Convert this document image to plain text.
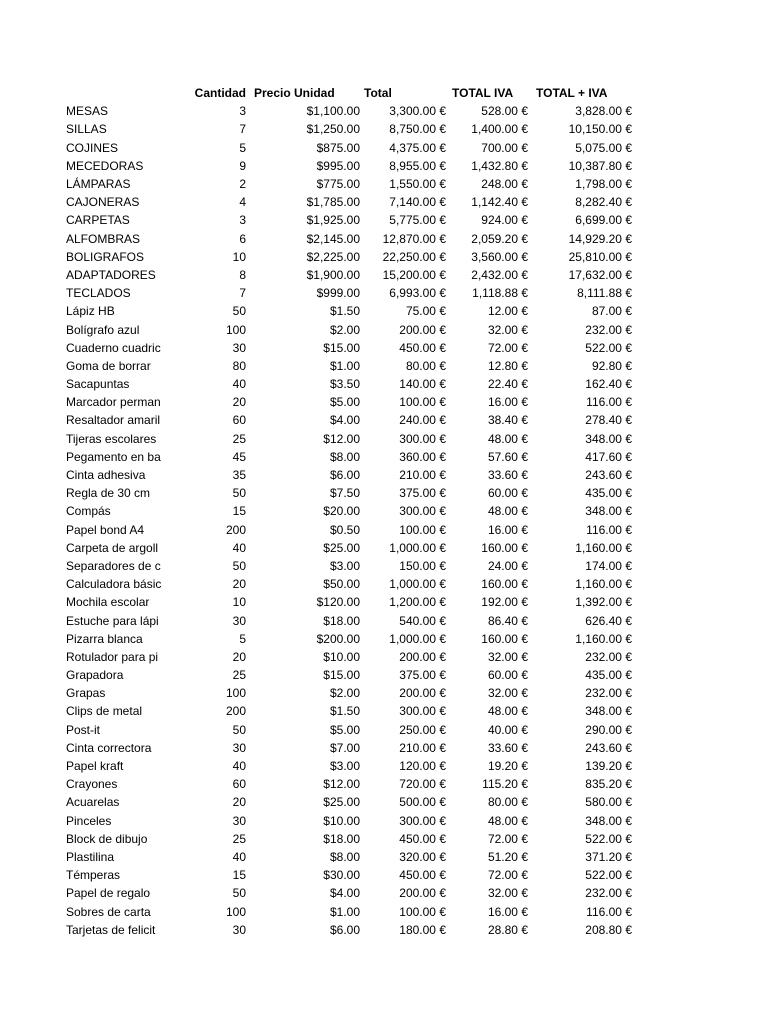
	Cantidad	Precio Unidad	Total	TOTAL IVA	TOTAL + IVA
MESAS	3	$1,100.00	3,300.00 €	528.00 €	3,828.00 €
SILLAS	7	$1,250.00	8,750.00 €	1,400.00 €	10,150.00 €
COJINES	5	$875.00	4,375.00 €	700.00 €	5,075.00 €
MECEDORAS	9	$995.00	8,955.00 €	1,432.80 €	10,387.80 €
LÁMPARAS	2	$775.00	1,550.00 €	248.00 €	1,798.00 €
CAJONERAS	4	$1,785.00	7,140.00 €	1,142.40 €	8,282.40 €
CARPETAS	3	$1,925.00	5,775.00 €	924.00 €	6,699.00 €
ALFOMBRAS	6	$2,145.00	12,870.00 €	2,059.20 €	14,929.20 €
BOLIGRAFOS	10	$2,225.00	22,250.00 €	3,560.00 €	25,810.00 €
ADAPTADORES	8	$1,900.00	15,200.00 €	2,432.00 €	17,632.00 €
TECLADOS	7	$999.00	6,993.00 €	1,118.88 €	8,111.88 €
Lápiz HB	50	$1.50	75.00 €	12.00 €	87.00 €
Bolígrafo azul	100	$2.00	200.00 €	32.00 €	232.00 €
Cuaderno cuadric	30	$15.00	450.00 €	72.00 €	522.00 €
Goma de borrar	80	$1.00	80.00 €	12.80 €	92.80 €
Sacapuntas	40	$3.50	140.00 €	22.40 €	162.40 €
Marcador perman	20	$5.00	100.00 €	16.00 €	116.00 €
Resaltador amaril	60	$4.00	240.00 €	38.40 €	278.40 €
Tijeras escolares	25	$12.00	300.00 €	48.00 €	348.00 €
Pegamento en ba	45	$8.00	360.00 €	57.60 €	417.60 €
Cinta adhesiva	35	$6.00	210.00 €	33.60 €	243.60 €
Regla de 30 cm	50	$7.50	375.00 €	60.00 €	435.00 €
Compás	15	$20.00	300.00 €	48.00 €	348.00 €
Papel bond A4	200	$0.50	100.00 €	16.00 €	116.00 €
Carpeta de argoll	40	$25.00	1,000.00 €	160.00 €	1,160.00 €
Separadores de c	50	$3.00	150.00 €	24.00 €	174.00 €
Calculadora básic	20	$50.00	1,000.00 €	160.00 €	1,160.00 €
Mochila escolar	10	$120.00	1,200.00 €	192.00 €	1,392.00 €
Estuche para lápi	30	$18.00	540.00 €	86.40 €	626.40 €
Pizarra blanca	5	$200.00	1,000.00 €	160.00 €	1,160.00 €
Rotulador para pi	20	$10.00	200.00 €	32.00 €	232.00 €
Grapadora	25	$15.00	375.00 €	60.00 €	435.00 €
Grapas	100	$2.00	200.00 €	32.00 €	232.00 €
Clips de metal	200	$1.50	300.00 €	48.00 €	348.00 €
Post-it	50	$5.00	250.00 €	40.00 €	290.00 €
Cinta correctora	30	$7.00	210.00 €	33.60 €	243.60 €
Papel kraft	40	$3.00	120.00 €	19.20 €	139.20 €
Crayones	60	$12.00	720.00 €	115.20 €	835.20 €
Acuarelas	20	$25.00	500.00 €	80.00 €	580.00 €
Pinceles	30	$10.00	300.00 €	48.00 €	348.00 €
Block de dibujo	25	$18.00	450.00 €	72.00 €	522.00 €
Plastilina	40	$8.00	320.00 €	51.20 €	371.20 €
Témperas	15	$30.00	450.00 €	72.00 €	522.00 €
Papel de regalo	50	$4.00	200.00 €	32.00 €	232.00 €
Sobres de carta	100	$1.00	100.00 €	16.00 €	116.00 €
Tarjetas de felicit	30	$6.00	180.00 €	28.80 €	208.80 €
